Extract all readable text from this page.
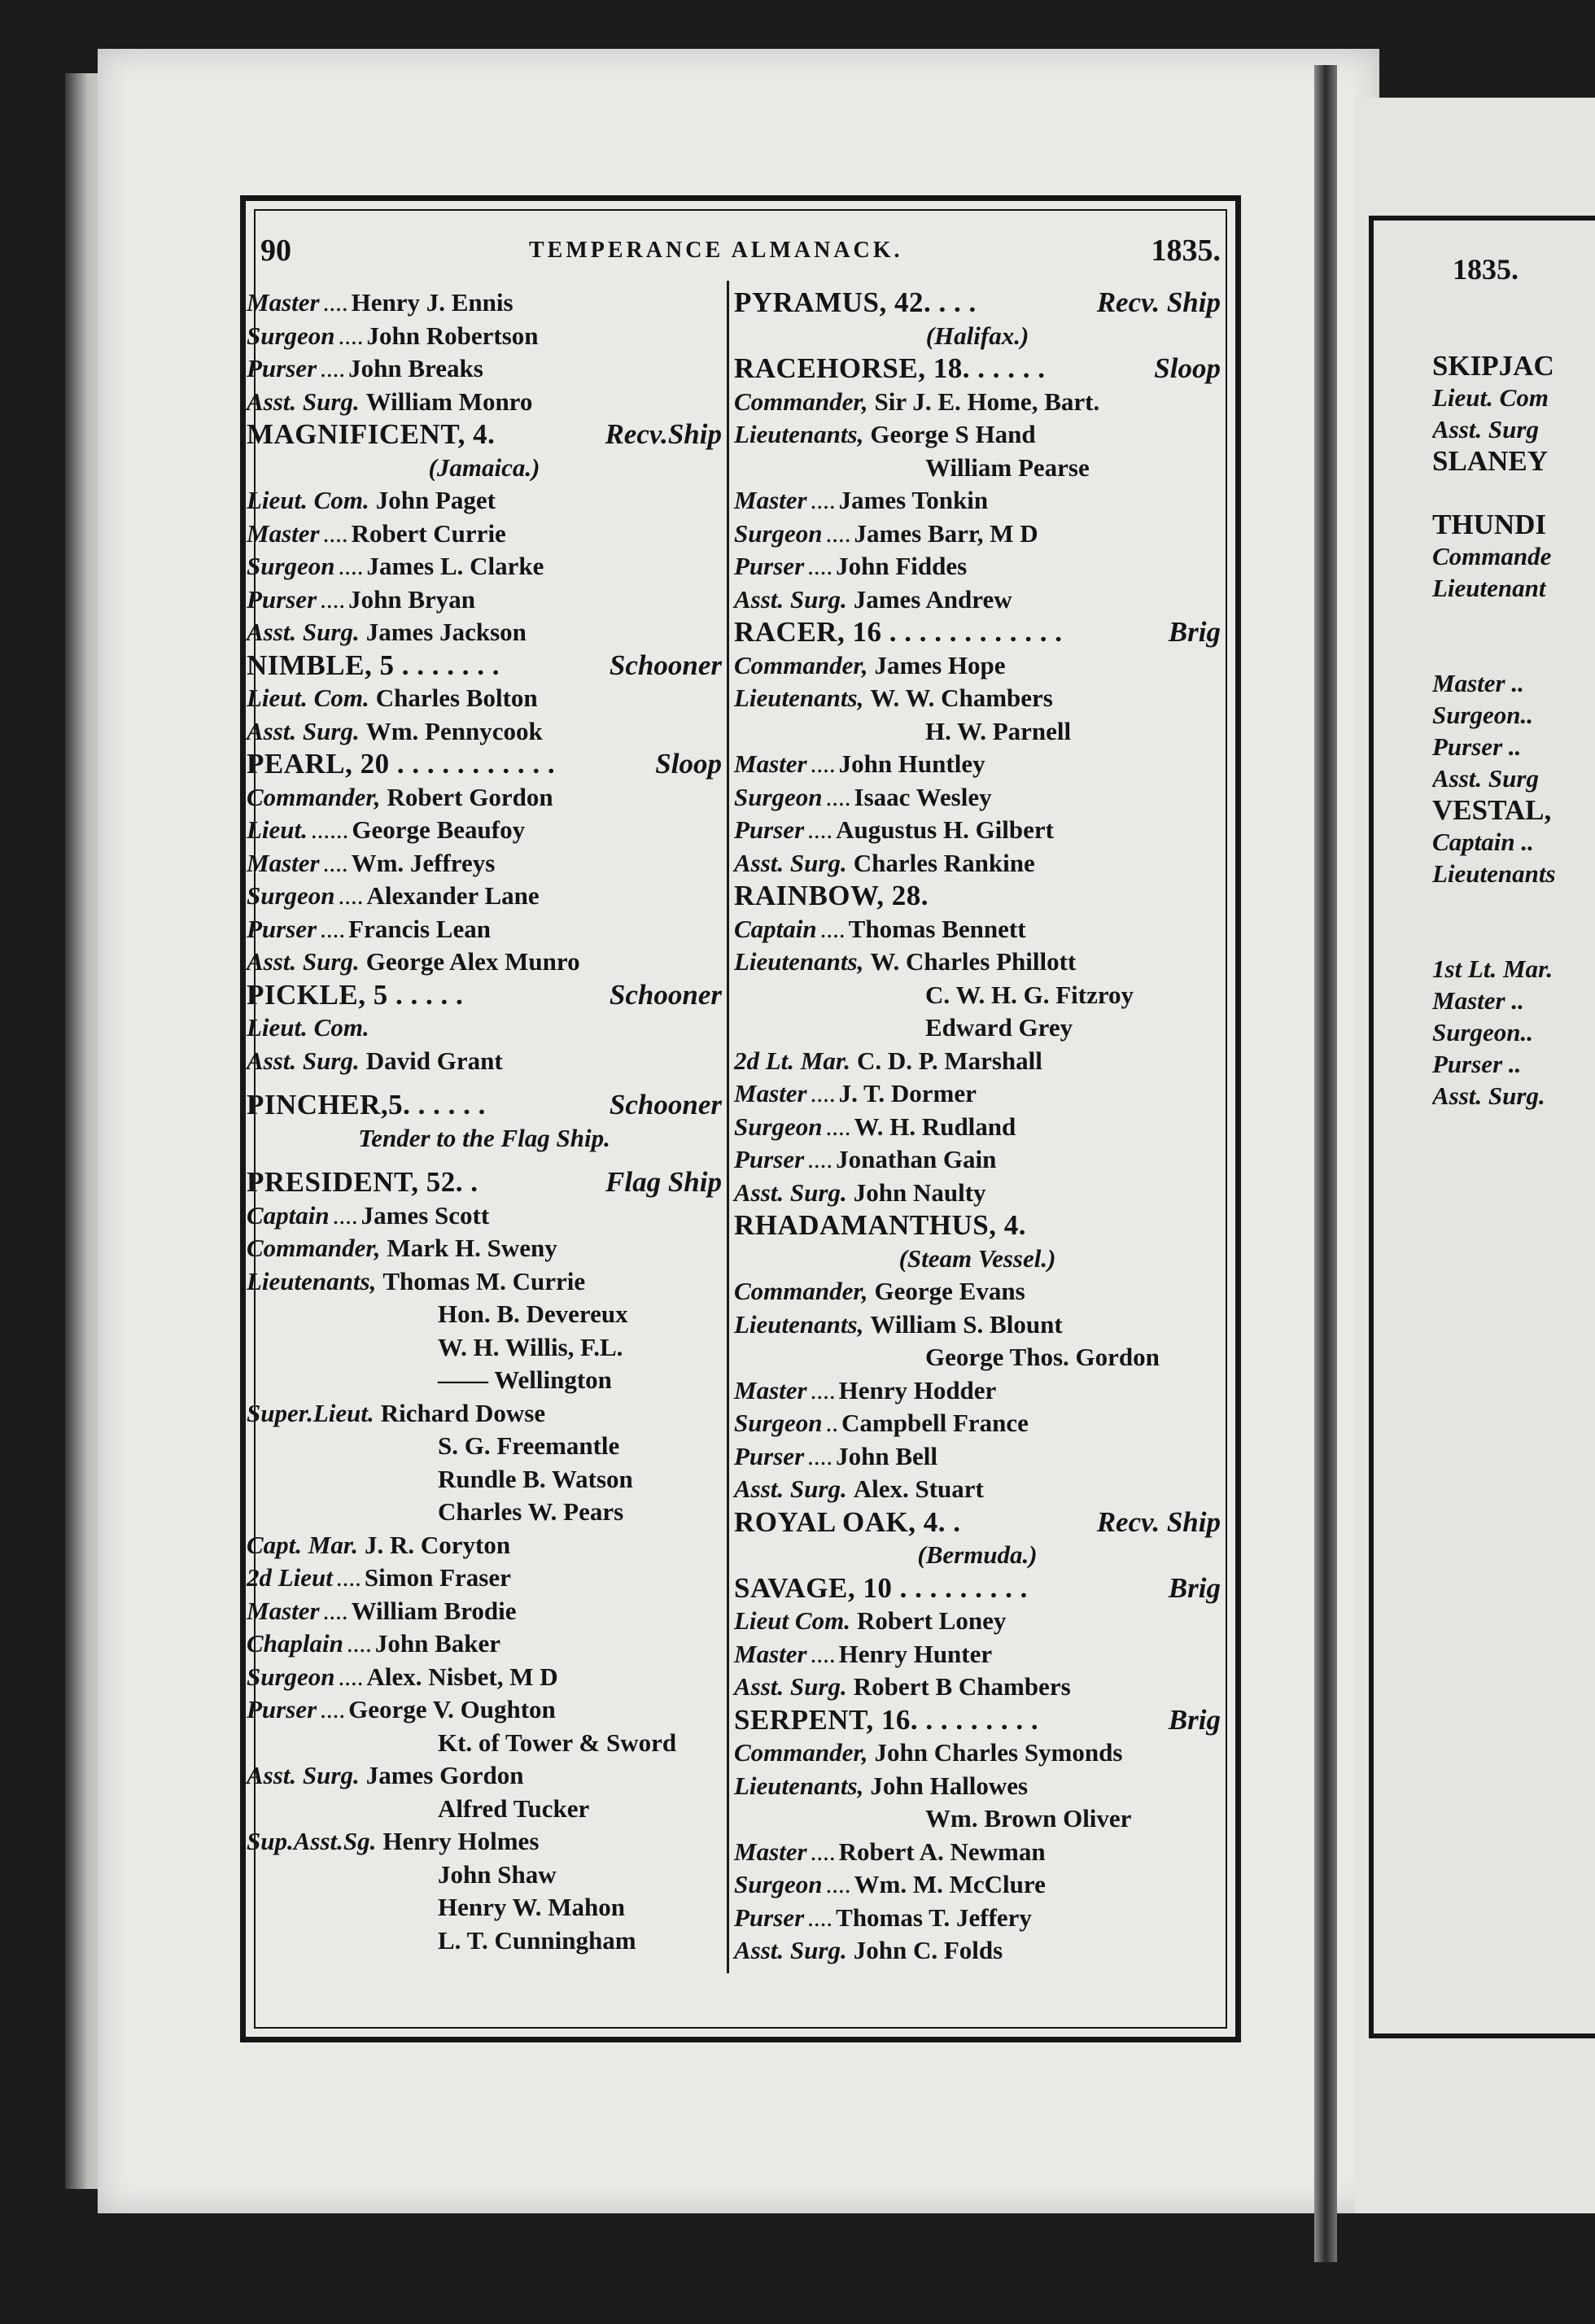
90	TEMPERANCE ALMANACK.	1835.
Master .... Henry J. Ennis
Surgeon .... John Robertson
Purser .... John Breaks
Asst. Surg. William Monro
MAGNIFICENT, 4.	Recv.Ship
(Jamaica.)
Lieut. Com. John Paget
Master .... Robert Currie
Surgeon .... James L. Clarke
Purser .... John Bryan
Asst. Surg. James Jackson
NIMBLE, 5 . . . . . . .	Schooner
Lieut. Com. Charles Bolton
Asst. Surg. Wm. Pennycook
PEARL, 20 . . . . . . . . . . .	Sloop
Commander, Robert Gordon
Lieut. ...... George Beaufoy
Master .... Wm. Jeffreys
Surgeon .... Alexander Lane
Purser .... Francis Lean
Asst. Surg. George Alex Munro
PICKLE, 5 . . . . .	Schooner
Lieut. Com.
Asst. Surg. David Grant
PINCHER,5. . . . . .	Schooner
Tender to the Flag Ship.
PRESIDENT, 52. .	Flag Ship
Captain .... James Scott
Commander, Mark H. Sweny
Lieutenants, Thomas M. Currie
Hon. B. Devereux
W. H. Willis, F.L.
—— Wellington
Super.Lieut. Richard Dowse
S. G. Freemantle
Rundle B. Watson
Charles W. Pears
Capt. Mar. J. R. Coryton
2d Lieut .... Simon Fraser
Master .... William Brodie
Chaplain .... John Baker
Surgeon .... Alex. Nisbet, M D
Purser .... George V. Oughton
Kt. of Tower & Sword
Asst. Surg. James Gordon
Alfred Tucker
Sup.Asst.Sg. Henry Holmes
John Shaw
Henry W. Mahon
L. T. Cunningham
PYRAMUS, 42. . . .	Recv. Ship
(Halifax.)
RACEHORSE, 18. . . . . .	Sloop
Commander, Sir J. E. Home, Bart.
Lieutenants, George S Hand
William Pearse
Master .... James Tonkin
Surgeon .... James Barr, M D
Purser .... John Fiddes
Asst. Surg. James Andrew
RACER, 16 . . . . . . . . . . . .	Brig
Commander, James Hope
Lieutenants, W. W. Chambers
H. W. Parnell
Master .... John Huntley
Surgeon .... Isaac Wesley
Purser .... Augustus H. Gilbert
Asst. Surg. Charles Rankine
RAINBOW, 28.
Captain .... Thomas Bennett
Lieutenants, W. Charles Phillott
C. W. H. G. Fitzroy
Edward Grey
2d Lt. Mar. C. D. P. Marshall
Master .... J. T. Dormer
Surgeon .... W. H. Rudland
Purser .... Jonathan Gain
Asst. Surg. John Naulty
RHADAMANTHUS, 4.
(Steam Vessel.)
Commander, George Evans
Lieutenants, William S. Blount
George Thos. Gordon
Master .... Henry Hodder
Surgeon .. Campbell France
Purser .... John Bell
Asst. Surg. Alex. Stuart
ROYAL OAK, 4. .	Recv. Ship
(Bermuda.)
SAVAGE, 10 . . . . . . . . .	Brig
Lieut Com. Robert Loney
Master .... Henry Hunter
Asst. Surg. Robert B Chambers
SERPENT, 16. . . . . . . . .	Brig
Commander, John Charles Symonds
Lieutenants, John Hallowes
Wm. Brown Oliver
Master .... Robert A. Newman
Surgeon .... Wm. M. McClure
Purser .... Thomas T. Jeffery
Asst. Surg. John C. Folds
1835.
SKIPJAC
Lieut. Com
Asst. Surg
SLANEY
THUNDI
Commande
Lieutenant
Master ..
Surgeon..
Purser ..
Asst. Surg
VESTAL,
Captain ..
Lieutenants
1st Lt. Mar.
Master ..
Surgeon..
Purser ..
Asst. Surg.
